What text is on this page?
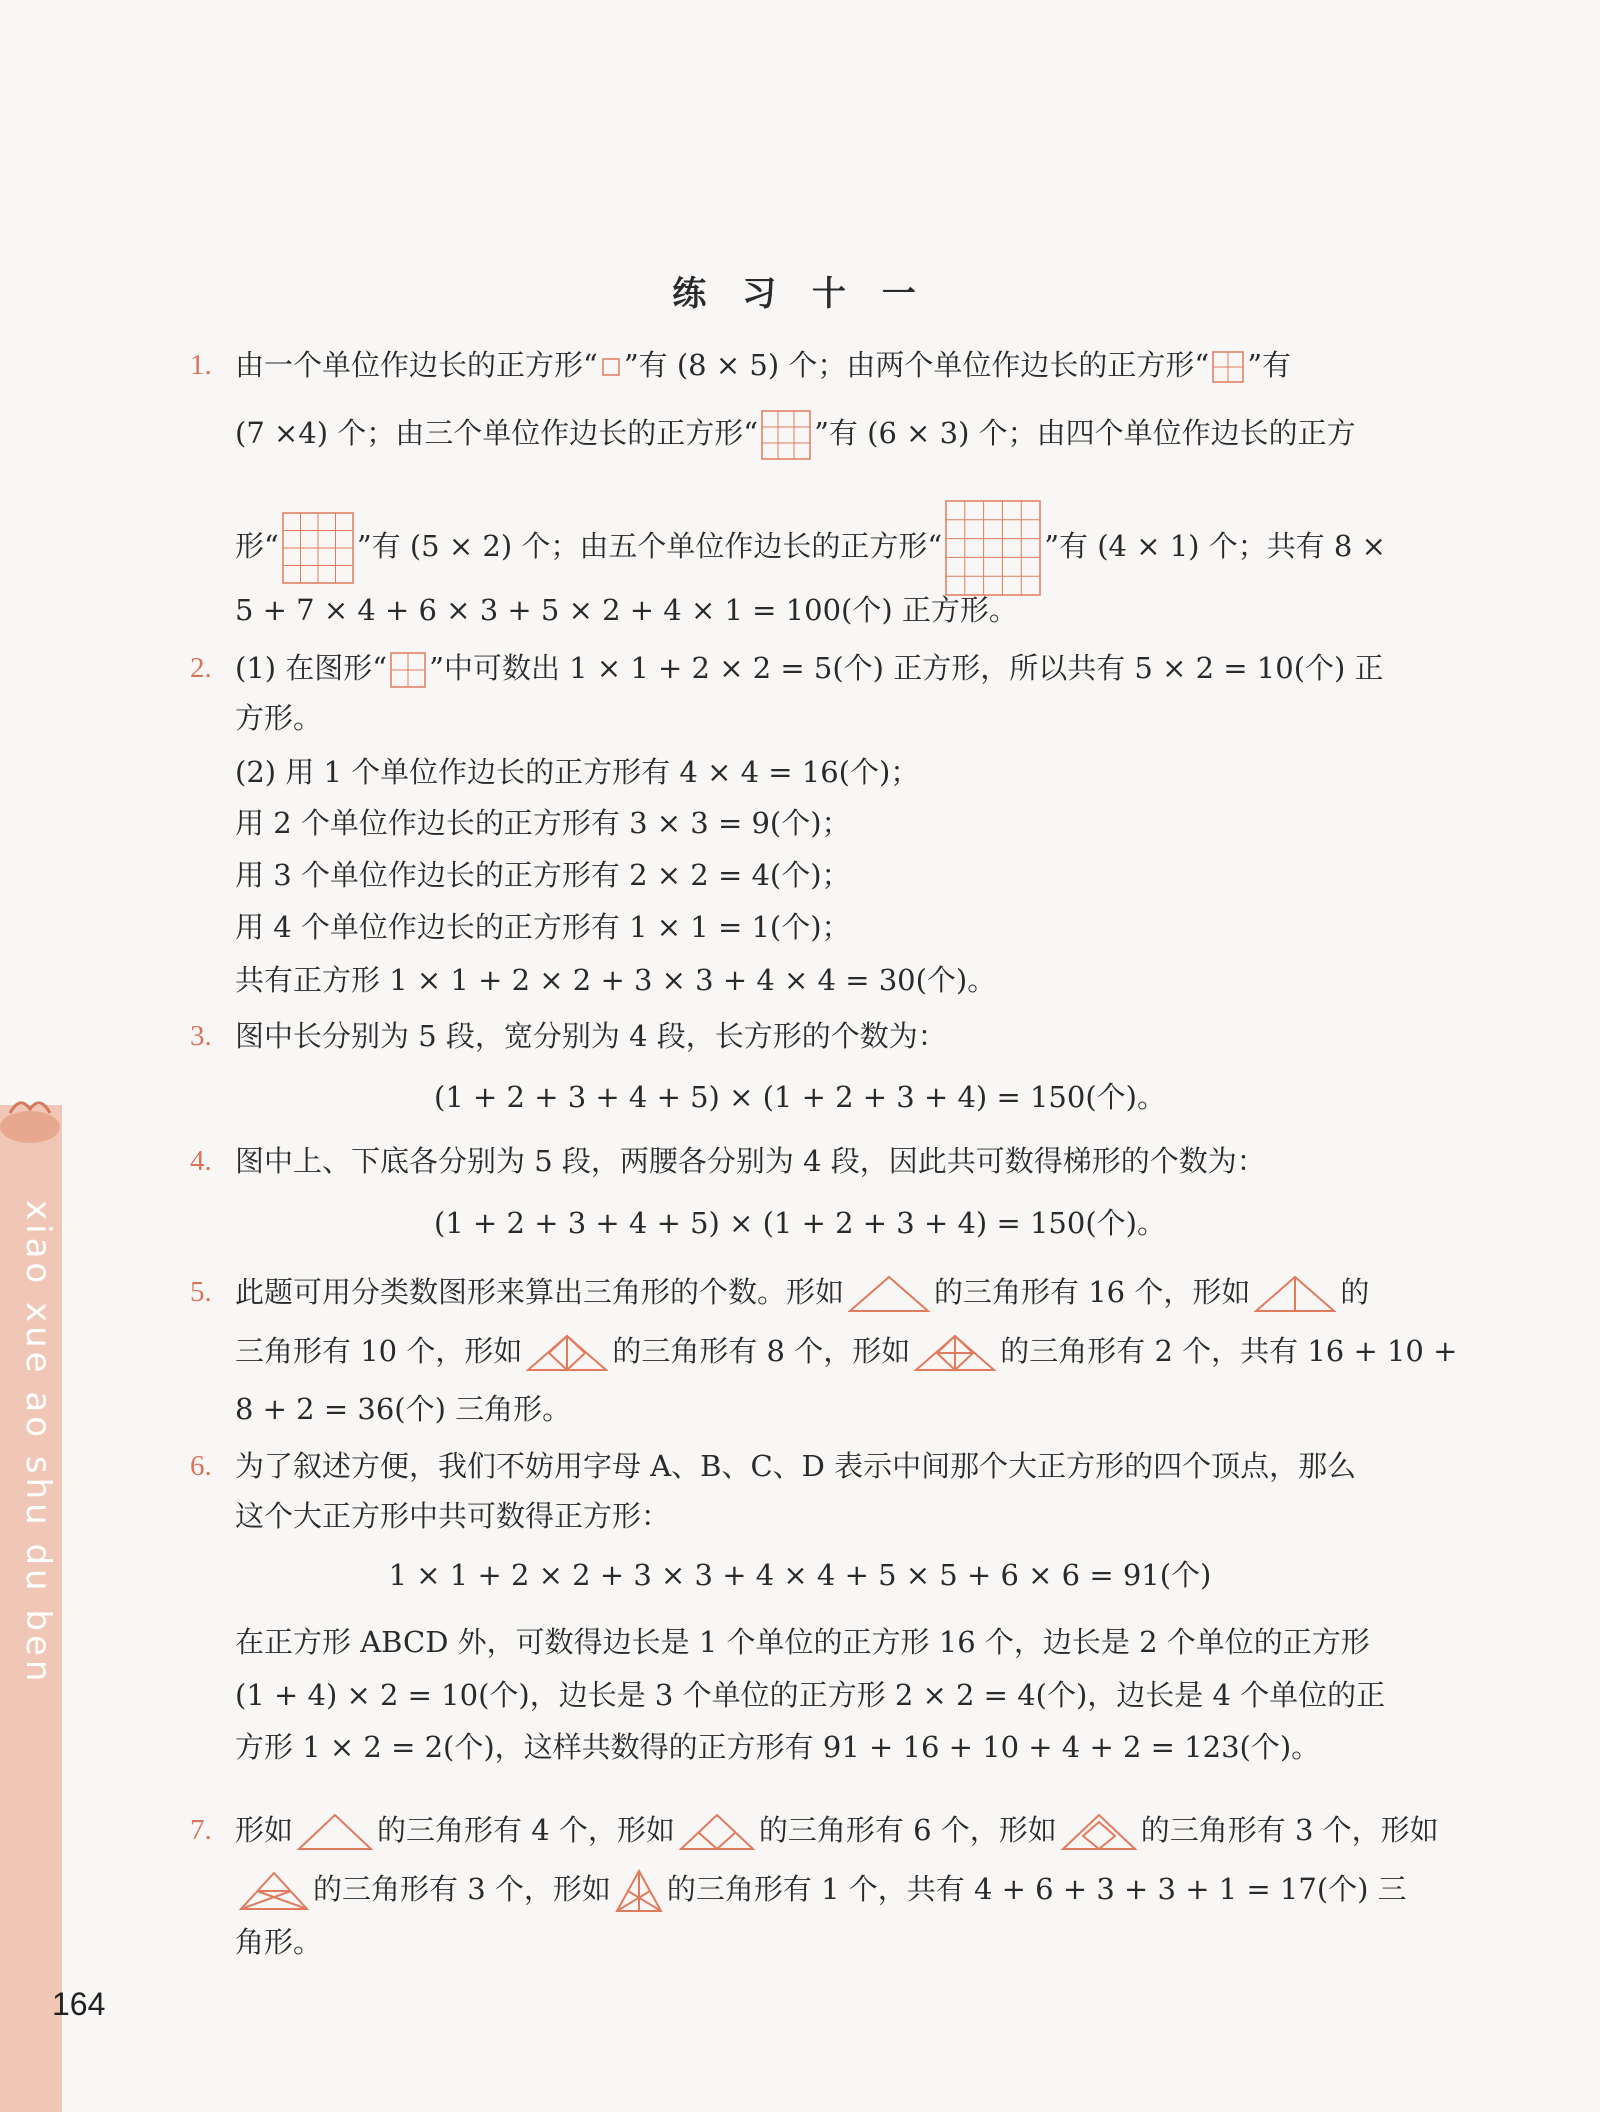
xiao xue ao shu du ben
164
练 习 十 一
1. 由一个单位作边长的正方形“ ”有 (8 × 5) 个；由两个单位作边长的正方形“ ”有
(7 ×4) 个；由三个单位作边长的正方形“ ”有 (6 × 3) 个；由四个单位作边长的正方
形“	”有 (5 × 2) 个；由五个单位作边长的正方形“	”有 (4 × 1) 个；共有 8 ×
5 + 7 × 4 + 6 × 3 + 5 × 2 + 4 × 1 = 100(个) 正方形。
2. (1) 在图形“ ”中可数出 1 × 1 + 2 × 2 = 5(个) 正方形，所以共有 5 × 2 = 10(个) 正
方形。
(2) 用 1 个单位作边长的正方形有 4 × 4 = 16(个)；
用 2 个单位作边长的正方形有 3 × 3 = 9(个)；
用 3 个单位作边长的正方形有 2 × 2 = 4(个)；
用 4 个单位作边长的正方形有 1 × 1 = 1(个)；
共有正方形 1 × 1 + 2 × 2 + 3 × 3 + 4 × 4 = 30(个)。
3. 图中长分别为 5 段，宽分别为 4 段，长方形的个数为：
(1 + 2 + 3 + 4 + 5) × (1 + 2 + 3 + 4) = 150(个)。
4. 图中上、下底各分别为 5 段，两腰各分别为 4 段，因此共可数得梯形的个数为：
(1 + 2 + 3 + 4 + 5) × (1 + 2 + 3 + 4) = 150(个)。
5. 此题可用分类数图形来算出三角形的个数。形如	的三角形有 16 个，形如	的
三角形有 10 个，形如	的三角形有 8 个，形如	的三角形有 2 个，共有 16 + 10 +
8 + 2 = 36(个) 三角形。
6. 为了叙述方便，我们不妨用字母 A、B、C、D 表示中间那个大正方形的四个顶点，那么
这个大正方形中共可数得正方形：
1 × 1 + 2 × 2 + 3 × 3 + 4 × 4 + 5 × 5 + 6 × 6 = 91(个)
在正方形 ABCD 外，可数得边长是 1 个单位的正方形 16 个，边长是 2 个单位的正方形
(1 + 4) × 2 = 10(个)，边长是 3 个单位的正方形 2 × 2 = 4(个)，边长是 4 个单位的正
方形 1 × 2 = 2(个)，这样共数得的正方形有 91 + 16 + 10 + 4 + 2 = 123(个)。
7. 形如	的三角形有 4 个，形如	的三角形有 6 个，形如	的三角形有 3 个，形如
的三角形有 3 个，形如 的三角形有 1 个，共有 4 + 6 + 3 + 3 + 1 = 17(个) 三
角形。
